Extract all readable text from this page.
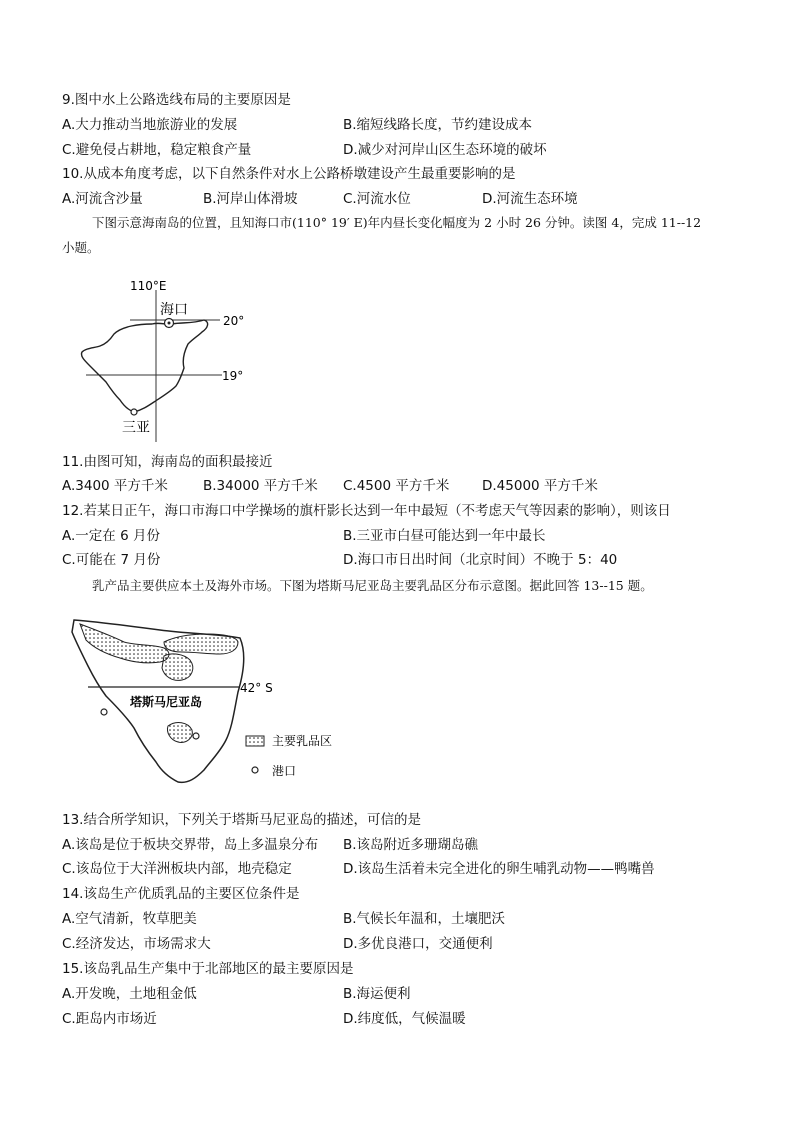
9.图中水上公路选线布局的主要原因是
A.大力推动当地旅游业的发展	B.缩短线路长度，节约建设成本
C.避免侵占耕地，稳定粮食产量	D.减少对河岸山区生态环境的破坏
10.从成本角度考虑，以下自然条件对水上公路桥墩建设产生最重要影响的是
A.河流含沙量	B.河岸山体滑坡	C.河流水位	D.河流生态环境
下图示意海南岛的位置，且知海口市(110° 19′ E)年内昼长变化幅度为 2 小时 26 分钟。读图 4，完成 11--12
小题。
110°E
海口
20°
19°
三亚
11.由图可知，海南岛的面积最接近
A.3400 平方千米	B.34000 平方千米 C.4500 平方千米 D.45000 平方千米
12.若某日正午，海口市海口中学操场的旗杆影长达到一年中最短（不考虑天气等因素的影响），则该日
A.一定在 6 月份	B.三亚市白昼可能达到一年中最长
C.可能在 7 月份	D.海口市日出时间（北京时间）不晚于 5：40
乳产品主要供应本土及海外市场。下图为塔斯马尼亚岛主要乳品区分布示意图。据此回答 13--15 题。
42° S
塔斯马尼亚岛
主要乳品区
港口
13.结合所学知识，下列关于塔斯马尼亚岛的描述，可信的是
A.该岛是位于板块交界带，岛上多温泉分布 B.该岛附近多珊瑚岛礁
C.该岛位于大洋洲板块内部，地壳稳定	D.该岛生活着未完全进化的卵生哺乳动物——鸭嘴兽
14.该岛生产优质乳品的主要区位条件是
A.空气清新，牧草肥美	B.气候长年温和，土壤肥沃
C.经济发达，市场需求大	D.多优良港口，交通便利
15.该岛乳品生产集中于北部地区的最主要原因是
A.开发晚，土地租金低	B.海运便利
C.距岛内市场近	D.纬度低，气候温暖
